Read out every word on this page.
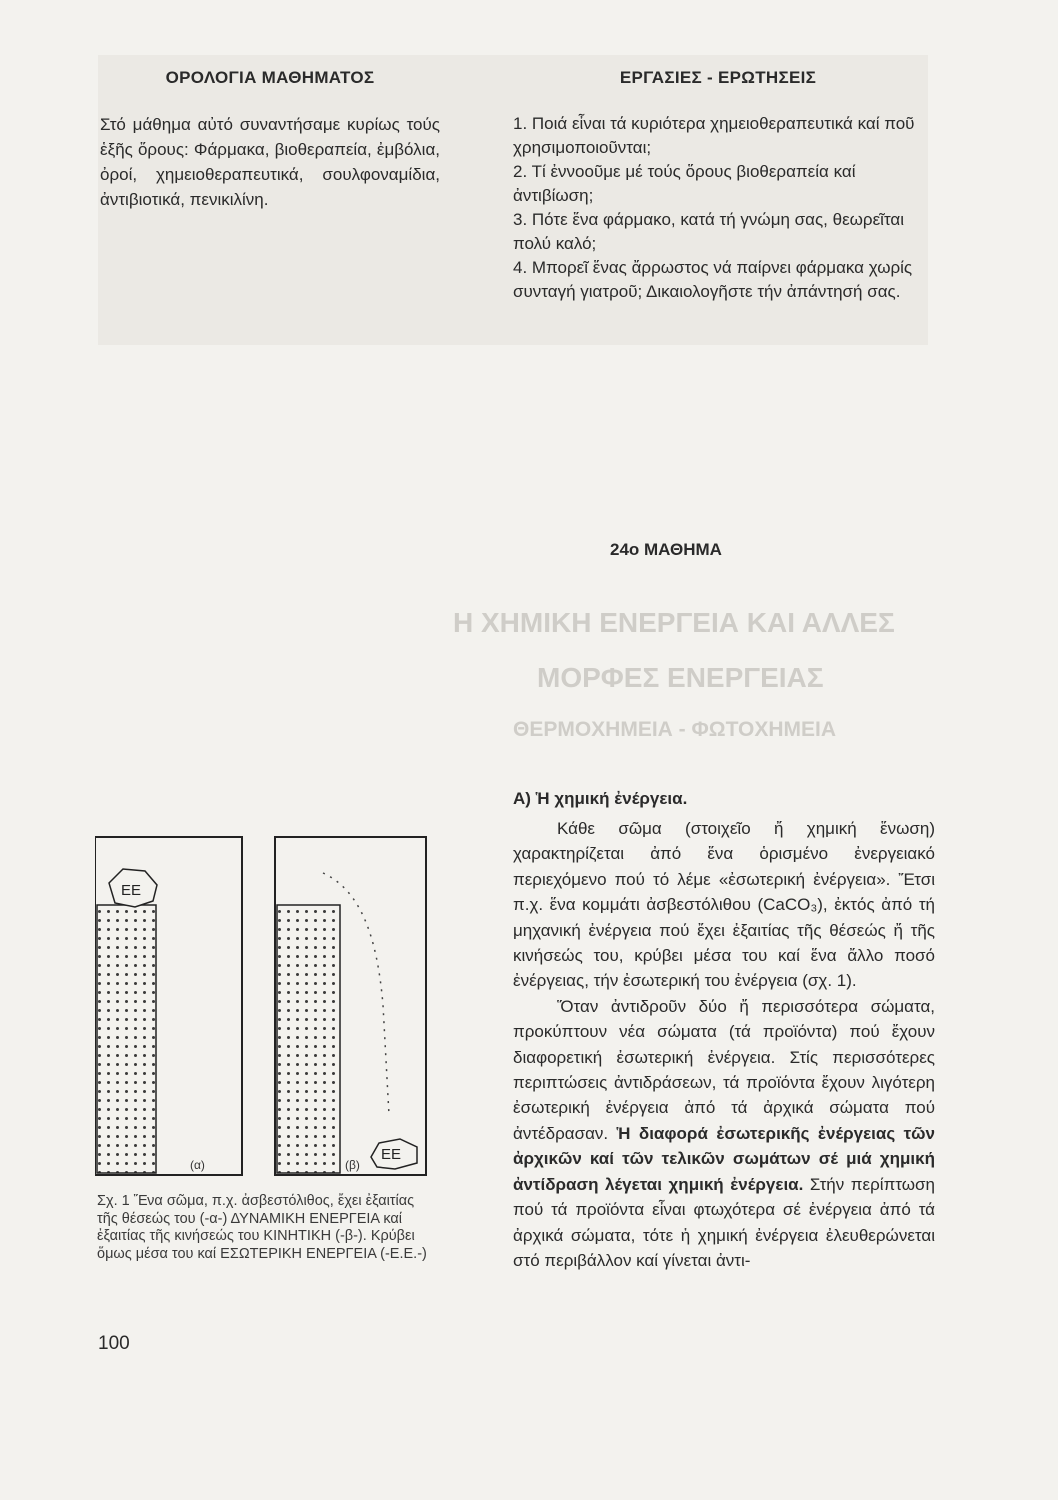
ΟΡΟΛΟΓΙΑ ΜΑΘΗΜΑΤΟΣ

Στό μάθημα αὐτό συναντήσαμε κυρίως τούς ἑξῆς ὅρους: Φάρμακα, βιοθεραπεία, ἐμβόλια, ὀροί, χημειοθεραπευτικά, σουλφοναμίδια, ἀντιβιοτικά, πενικιλίνη.

ΕΡΓΑΣΙΕΣ - ΕΡΩΤΗΣΕΙΣ
1. Ποιά εἶναι τά κυριότερα χημειοθεραπευτικά καί ποῦ χρησιμοποιοῦνται;
2. Τί ἐννοοῦμε μέ τούς ὅρους βιοθεραπεία καί ἀντιβίωση;
3. Πότε ἕνα φάρμακο, κατά τή γνώμη σας, θεωρεῖται πολύ καλό;
4. Μπορεῖ ἕνας ἄρρωστος νά παίρνει φάρμακα χωρίς συνταγή γιατροῦ; Δικαιολογῆστε τήν ἀπάντησή σας.
24ο ΜΑΘΗΜΑ
Η ΧΗΜΙΚΗ ΕΝΕΡΓΕΙΑ ΚΑΙ ΑΛΛΕΣ
ΜΟΡΦΕΣ ΕΝΕΡΓΕΙΑΣ
ΘΕΡΜΟΧΗΜΕΙΑ - ΦΩΤΟΧΗΜΕΙΑ
Α) Ἡ χημική ἐνέργεια.

Κάθε σῶμα (στοιχεῖο ἤ χημική ἕνωση) χαρακτηρίζεται ἀπό ἕνα ὁρισμένο ἐνεργειακό περιεχόμενο πού τό λέμε «ἐσωτερική ἐνέργεια». Ἔτσι π.χ. ἕνα κομμάτι ἀσβεστόλιθου (CaCO₃), ἐκτός ἀπό τή μηχανική ἐνέργεια πού ἔχει ἐξαιτίας τῆς θέσεώς ἤ τῆς κινήσεώς του, κρύβει μέσα του καί ἕνα ἄλλο ποσό ἐνέργειας, τήν ἐσωτερική του ἐνέργεια (σχ. 1).

Ὅταν ἀντιδροῦν δύο ἤ περισσότερα σώματα, προκύπτουν νέα σώματα (τά προϊόντα) πού ἔχουν διαφορετική ἐσωτερική ἐνέργεια. Στίς περισσότερες περιπτώσεις ἀντιδράσεων, τά προϊόντα ἔχουν λιγότερη ἐσωτερική ἐνέργεια ἀπό τά ἀρχικά σώματα πού ἀντέδρασαν. Ἡ διαφορά ἐσωτερικῆς ἐνέργειας τῶν ἀρχικῶν καί τῶν τελικῶν σωμάτων σέ μιά χημική ἀντίδραση λέγεται χημική ἐνέργεια. Στήν περίπτωση πού τά προϊόντα εἶναι φτωχότερα σέ ἐνέργεια ἀπό τά ἀρχικά σώματα, τότε ἡ χημική ἐνέργεια ἐλευθερώνεται στό περιβάλλον καί γίνεται ἀντι-

ΕΕ
(α)
ΕΕ
(β)
Σχ. 1 Ἕνα σῶμα, π.χ. ἀσβεστόλιθος, ἔχει ἐξαιτίας τῆς θέσεώς του (-α-) ΔΥΝΑΜΙΚΗ ΕΝΕΡΓΕΙΑ καί ἐξαιτίας τῆς κινήσεώς του ΚΙΝΗΤΙΚΗ (-β-). Κρύβει ὅμως μέσα του καί ΕΣΩΤΕΡΙΚΗ ΕΝΕΡΓΕΙΑ (-Ε.Ε.-)
100
